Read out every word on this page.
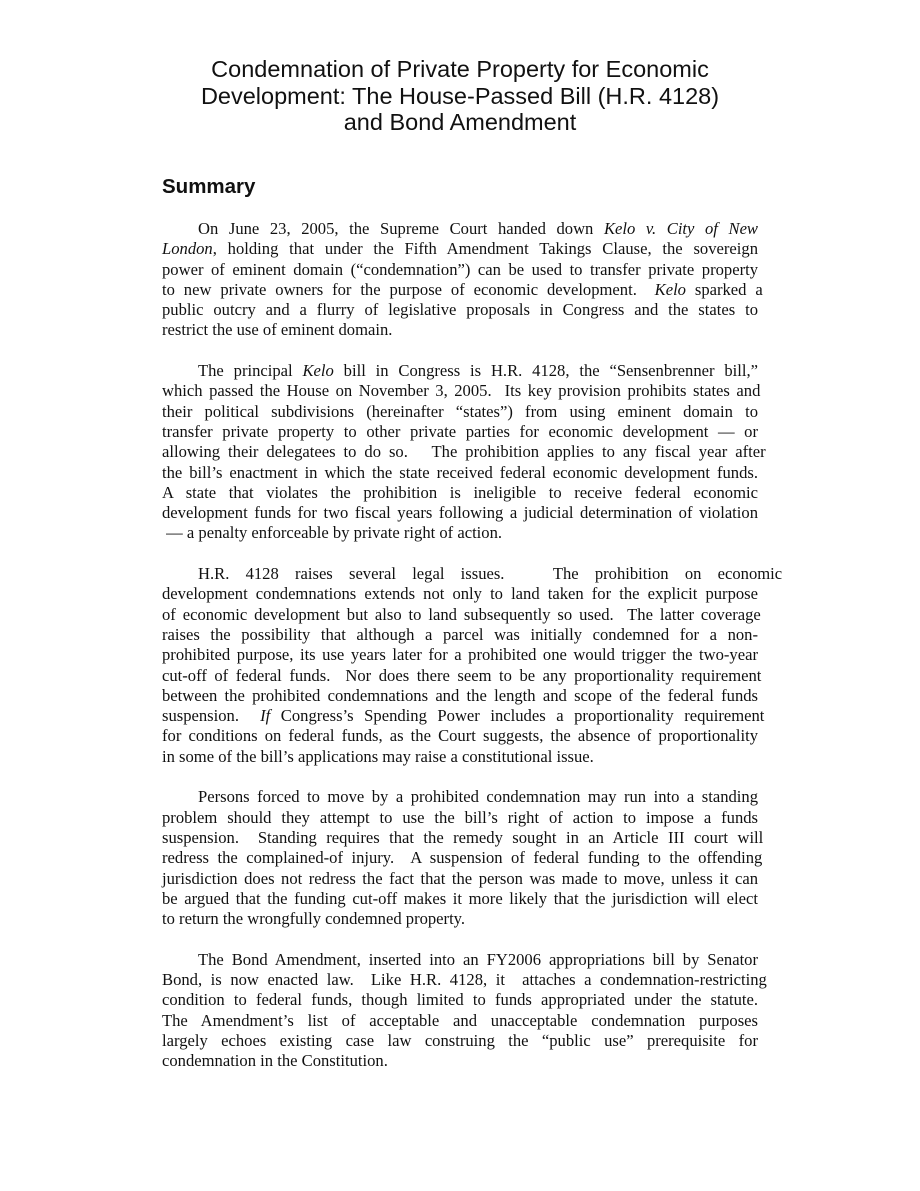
Condemnation of Private Property for Economic
Development: The House-Passed Bill (H.R. 4128)
and Bond Amendment
Summary
On June 23, 2005, the Supreme Court handed down Kelo v. City of New
London, holding that under the Fifth Amendment Takings Clause, the sovereign
power of eminent domain (“condemnation”) can be used to transfer private property
to new private owners for the purpose of economic development.  Kelo sparked a
public outcry and a flurry of legislative proposals in Congress and the states to
restrict the use of eminent domain.
The principal Kelo bill in Congress is H.R. 4128, the “Sensenbrenner bill,”
which passed the House on November 3, 2005.  Its key provision prohibits states and
their political subdivisions (hereinafter “states”) from using eminent domain to
transfer private property to other private parties for economic development — or
allowing their delegatees to do so.   The prohibition applies to any fiscal year after
the bill’s enactment in which the state received federal economic development funds.
A state that violates the prohibition is ineligible to receive federal economic
development funds for two fiscal years following a judicial determination of violation
— a penalty enforceable by private right of action.
H.R. 4128 raises several legal issues.   The prohibition on economic
development condemnations extends not only to land taken for the explicit purpose
of economic development but also to land subsequently so used.  The latter coverage
raises the possibility that although a parcel was initially condemned for a non-
prohibited purpose, its use years later for a prohibited one would trigger the two-year
cut-off of federal funds.  Nor does there seem to be any proportionality requirement
between the prohibited condemnations and the length and scope of the federal funds
suspension.  If Congress’s Spending Power includes a proportionality requirement
for conditions on federal funds, as the Court suggests, the absence of proportionality
in some of the bill’s applications may raise a constitutional issue.
Persons forced to move by a prohibited condemnation may run into a standing
problem should they attempt to use the bill’s right of action to impose a funds
suspension.  Standing requires that the remedy sought in an Article III court will
redress the complained-of injury.  A suspension of federal funding to the offending
jurisdiction does not redress the fact that the person was made to move, unless it can
be argued that the funding cut-off makes it more likely that the jurisdiction will elect
to return the wrongfully condemned property.
The Bond Amendment, inserted into an FY2006 appropriations bill by Senator
Bond, is now enacted law.  Like H.R. 4128, it  attaches a condemnation-restricting
condition to federal funds, though limited to funds appropriated under the statute.
The Amendment’s list of acceptable and unacceptable condemnation purposes
largely echoes existing case law construing the “public use” prerequisite for
condemnation in the Constitution.
